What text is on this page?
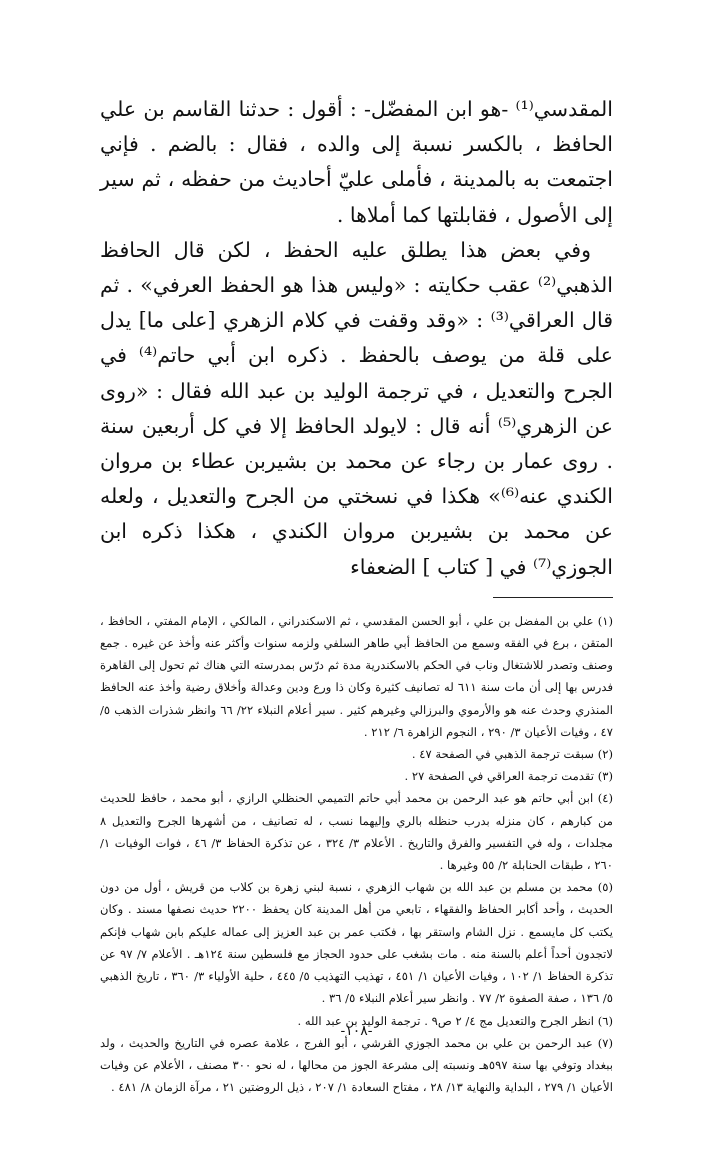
المقدسي⁽¹⁾ -هو ابن المفضّل- : أقول : حدثنا القاسم بن علي الحافظ ، بالكسر نسبة إلى والده ، فقال : بالضم . فإني اجتمعت به بالمدينة ، فأملى عليّ أحاديث من حفظه ، ثم سير إلى الأصول ، فقابلتها كما أملاها .

وفي بعض هذا يطلق عليه الحفظ ، لكن قال الحافظ الذهبي⁽²⁾ عقب حكايته : «وليس هذا هو الحفظ العرفي» . ثم قال العراقي⁽³⁾ : «وقد وقفت في كلام الزهري [على ما] يدل على قلة من يوصف بالحفظ . ذكره ابن أبي حاتم⁽⁴⁾ في الجرح والتعديل ، في ترجمة الوليد بن عبد الله فقال : «روى عن الزهري⁽⁵⁾ أنه قال : لايولد الحافظ إلا في كل أربعين سنة . روى عمار بن رجاء عن محمد بن بشيربن عطاء بن مروان الكندي عنه⁽⁶⁾» هكذا في نسختي من الجرح والتعديل ، ولعله عن محمد بن بشيربن مروان الكندي ، هكذا ذكره ابن الجوزي⁽⁷⁾ في [ كتاب ] الضعفاء

(١) علي بن المفضل بن علي ، أبو الحسن المقدسي ، ثم الاسكندراني ، المالكي ، الإمام المفتي ، الحافظ ، المتقن ، برع في الفقه وسمع من الحافظ أبي طاهر السلفي ولزمه سنوات وأكثر عنه وأخذ عن غيره . جمع وصنف وتصدر للاشتغال وناب في الحكم بالاسكندرية مدة ثم درّس بمدرسته التي هناك ثم تحول إلى القاهرة فدرس بها إلى أن مات سنة ٦١١ له تصانيف كثيرة وكان ذا ورع ودين وعدالة وأخلاق رضية وأخذ عنه الحافظ المنذري وحدث عنه هو والأرموي والبرزالي وغيرهم كثير . سير أعلام النبلاء ٢٢/ ٦٦ وانظر شذرات الذهب ٥/ ٤٧ ، وفيات الأعيان ٣/ ٢٩٠ ، النجوم الزاهرة ٦/ ٢١٢ .

(٢) سبقت ترجمة الذهبي في الصفحة ٤٧ .

(٣) تقدمت ترجمة العراقي في الصفحة ٢٧ .

(٤) ابن أبي حاتم هو عبد الرحمن بن محمد أبي حاتم التميمي الحنظلي الرازي ، أبو محمد ، حافظ للحديث من كبارهم ، كان منزله بدرب حنظله بالري وإليهما نسب ، له تصانيف ، من أشهرها الجرح والتعديل ٨ مجلدات ، وله في التفسير والفرق والتاريخ . الأعلام ٣/ ٣٢٤ ، عن تذكرة الحفاظ ٣/ ٤٦ ، فوات الوفيات ١/ ٢٦٠ ، طبقات الحنابلة ٢/ ٥٥ وغيرها .

(٥) محمد بن مسلم بن عبد الله بن شهاب الزهري ، نسبة لبني زهرة بن كلاب من قريش ، أول من دون الحديث ، وأحد أكابر الحفاظ والفقهاء ، تابعي من أهل المدينة كان يحفظ ٢٢٠٠ حديث نصفها مسند . وكان يكتب كل مايسمع . نزل الشام واستقر بها ، فكتب عمر بن عبد العزيز إلى عماله عليكم بابن شهاب فإنكم لاتجدون أحداً أعلم بالسنة منه . مات بشغب على حدود الحجاز مع فلسطين سنة ١٢٤هـ . الأعلام ٧/ ٩٧ عن تذكرة الحفاظ ١/ ١٠٢ ، وفيات الأعيان ١/ ٤٥١ ، تهذيب التهذيب ٥/ ٤٤٥ ، حلية الأولياء ٣/ ٣٦٠ ، تاريخ الذهبي ٥/ ١٣٦ ، صفة الصفوة ٢/ ٧٧ . وانظر سير أعلام النبلاء ٥/ ٣٦ .

(٦) انظر الجرح والتعديل مج ٤/ ٢ ص٩ . ترجمة الوليد بن عبد الله .

(٧) عبد الرحمن بن علي بن محمد الجوزي القرشي ، أبو الفرج ، علامة عصره في التاريخ والحديث ، ولد ببغداد وتوفي بها سنة ٥٩٧هـ ونسبته إلى مشرعة الجوز من محالها ، له نحو ٣٠٠ مصنف ، الأعلام عن وفيات الأعيان ١/ ٢٧٩ ، البداية والنهاية ١٣/ ٢٨ ، مفتاح السعادة ١/ ٢٠٧ ، ذيل الروضتين ٢١ ، مرآة الزمان ٨/ ٤٨١ .

-١٠٨-
